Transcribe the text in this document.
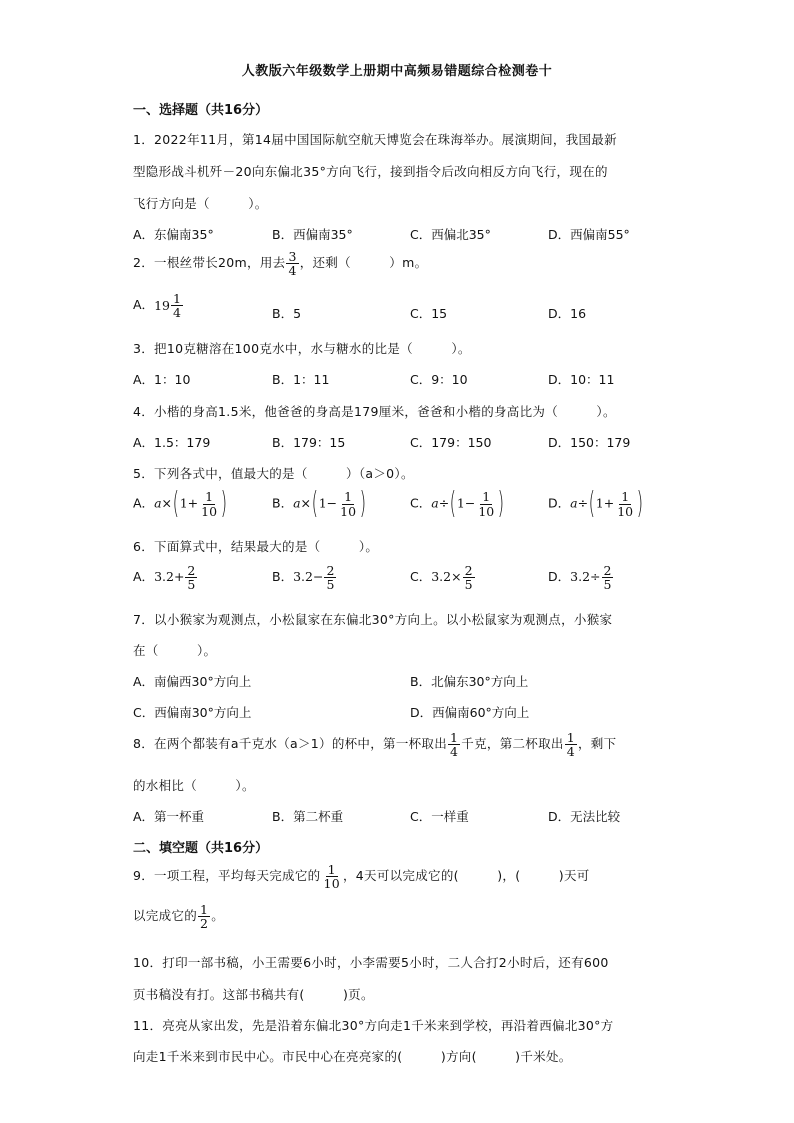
人教版六年级数学上册期中高频易错题综合检测卷十
一、选择题（共16分）
1．2022年11月，第14届中国国际航空航天博览会在珠海举办。展演期间，我国最新
型隐形战斗机歼－20向东偏北35°方向飞行，接到指令后改向相反方向飞行，现在的
飞行方向是（　　　）。
A．东偏南35°	B．西偏南35°	C．西偏北35°	D．西偏南55°
2．一根丝带长20m，用去 $\frac{3}{4}$ ，还剩（　　　）m。
A． $19 \frac{1}{4}$	B．5	C．15	D．16
3．把10克糖溶在100克水中，水与糖水的比是（　　　）。
A．1：10	B．1：11	C．9：10	D．10：11
4．小楷的身高1.5米，他爸爸的身高是179厘米，爸爸和小楷的身高比为（　　　）。
A．1.5：179	B．179：15	C．179：150	D．150：179
5．下列各式中，值最大的是（　　　）（a＞0）。
A．$a\times(1+ \frac{1}{10}$ )	B．$a\times(1- \frac{1}{10}$ )	C．$a\div(1- \frac{1}{10}$ )	D．$a\div(1+ \frac{1}{10}$ )
6．下面算式中，结果最大的是（　　　）。
A．$3.2+ \frac{2}{5}$	B．$3.2- \frac{2}{5}$	C．$3.2\times \frac{2}{5}$	D．$3.2\div \frac{2}{5}$
7．以小猴家为观测点，小松鼠家在东偏北30°方向上。以小松鼠家为观测点，小猴家
在（　　　）。
A．南偏西30°方向上	B．北偏东30°方向上
C．西偏南30°方向上	D．西偏南60°方向上
8．在两个都装有a千克水（a＞1）的杯中，第一杯取出 $\frac{1}{4}$ 千克，第二杯取出 $\frac{1}{4}$ ，剩下
的水相比（　　　）。
A．第一杯重	B．第二杯重	C．一样重	D．无法比较
二、填空题（共16分）
9．一项工程，平均每天完成它的 $\frac{1}{10}$ ，4天可以完成它的(　　　)，(　　　)天可
以完成它的 $\frac{1}{2}$ 。
10．打印一部书稿，小王需要6小时，小李需要5小时，二人合打2小时后，还有600
页书稿没有打。这部书稿共有(　　　)页。
11．亮亮从家出发，先是沿着东偏北30°方向走1千米来到学校，再沿着西偏北30°方
向走1千米来到市民中心。市民中心在亮亮家的(　　　)方向(　　　)千米处。
